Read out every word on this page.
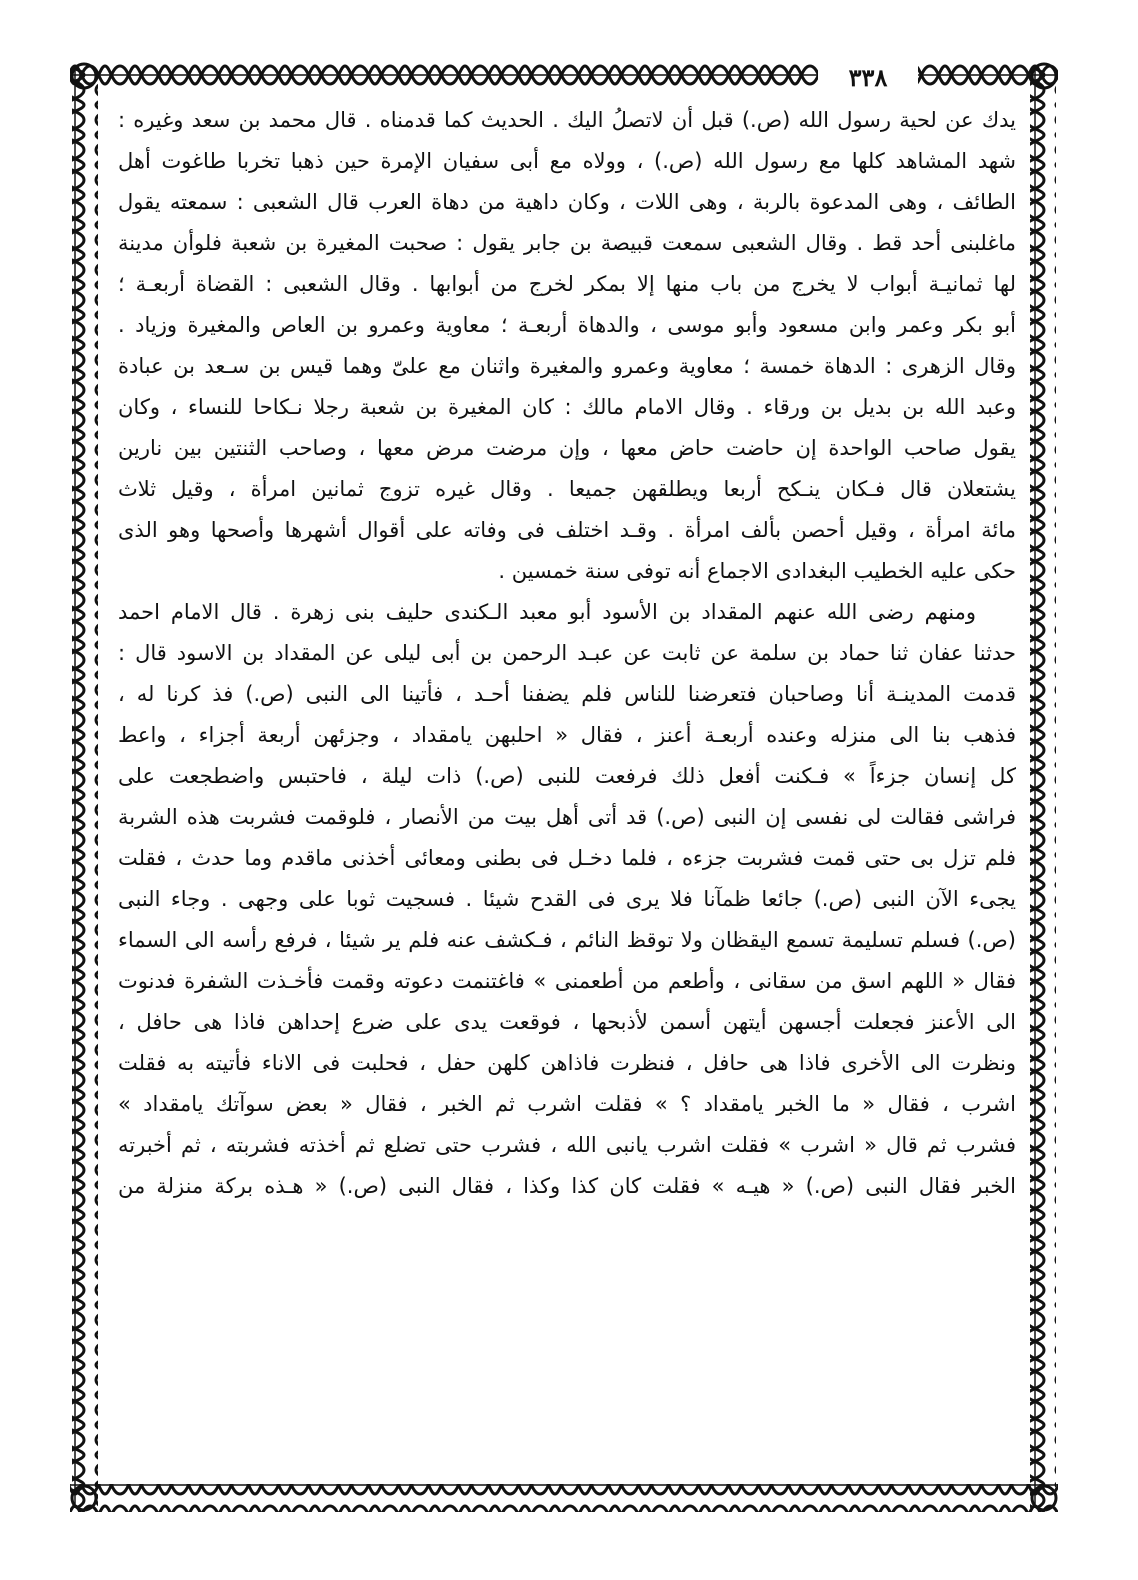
٣٣٨
يدك عن لحية رسول الله (ص.) قبل أن لاتصلُ اليك . الحديث كما قدمناه . قال محمد بن سعد وغيره :
شهد المشاهد كلها مع رسول الله (ص.) ، وولاه مع أبى سفيان الإمرة حين ذهبا تخربا طاغوت أهل
الطائف ، وهى المدعوة بالربة ، وهى اللات ، وكان داهية من دهاة العرب قال الشعبى : سمعته يقول
ماغلبنى أحد قط . وقال الشعبى سمعت قبيصة بن جابر يقول : صحبت المغيرة بن شعبة فلوأن مدينة
لها ثمانيـة أبواب لا يخرج من باب منها إلا بمكر لخرج من أبوابها . وقال الشعبى : القضاة أربعـة ؛
أبو بكر وعمر وابن مسعود وأبو موسى ، والدهاة أربعـة ؛ معاوية وعمرو بن العاص والمغيرة وزياد .
وقال الزهرى : الدهاة خمسة ؛ معاوية وعمرو والمغيرة واثنان مع علىّ وهما قيس بن سـعد بن عبادة
وعبد الله بن بديل بن ورقاء . وقال الامام مالك : كان المغيرة بن شعبة رجلا نـكاحا للنساء ، وكان
يقول صاحب الواحدة إن حاضت حاض معها ، وإن مرضت مرض معها ، وصاحب الثنتين بين نارين
يشتعلان قال فـكان ينـكح أربعا ويطلقهن جميعا . وقال غيره تزوج ثمانين امرأة ، وقيل ثلاث
مائة امرأة ، وقيل أحصن بألف امرأة . وقـد اختلف فى وفاته على أقوال أشهرها وأصحها وهو الذى
حكى عليه الخطيب البغدادى الاجماع أنه توفى سنة خمسين .
ومنهم رضى الله عنهم المقداد بن الأسود أبو معبد الـكندى حليف بنى زهرة . قال الامام احمد
حدثنا عفان ثنا حماد بن سلمة عن ثابت عن عبـد الرحمن بن أبى ليلى عن المقداد بن الاسود قال :
قدمت المدينـة أنا وصاحبان فتعرضنا للناس فلم يضفنا أحـد ، فأتينا الى النبى (ص.) فذ كرنا له ،
فذهب بنا الى منزله وعنده أربعـة أعنز ، فقال « احلبهن يامقداد ، وجزئهن أربعة أجزاء ، واعط
كل إنسان جزءاً » فـكنت أفعل ذلك فرفعت للنبى (ص.) ذات ليلة ، فاحتبس واضطجعت على
فراشى فقالت لى نفسى إن النبى (ص.) قد أتى أهل بيت من الأنصار ، فلوقمت فشربت هذه الشربة
فلم تزل بى حتى قمت فشربت جزءه ، فلما دخـل فى بطنى ومعائى أخذنى ماقدم وما حدث ، فقلت
يجىء الآن النبى (ص.) جائعا ظمآنا فلا يرى فى القدح شيئا . فسجيت ثوبا على وجهى . وجاء النبى
(ص.) فسلم تسليمة تسمع اليقظان ولا توقظ النائم ، فـكشف عنه فلم ير شيئا ، فرفع رأسه الى السماء
فقال « اللهم اسق من سقانى ، وأطعم من أطعمنى » فاغتنمت دعوته وقمت فأخـذت الشفرة فدنوت
الى الأعنز فجعلت أجسهن أيتهن أسمن لأذبحها ، فوقعت يدى على ضرع إحداهن فاذا هى حافل ،
ونظرت الى الأخرى فاذا هى حافل ، فنظرت فاذاهن كلهن حفل ، فحلبت فى الاناء فأتيته به فقلت
اشرب ، فقال « ما الخبر يامقداد ؟ » فقلت اشرب ثم الخبر ، فقال « بعض سوآتك يامقداد »
فشرب ثم قال « اشرب » فقلت اشرب يانبى الله ، فشرب حتى تضلع ثم أخذته فشربته ، ثم أخبرته
الخبر فقال النبى (ص.) « هيـه » فقلت كان كذا وكذا ، فقال النبى (ص.) « هـذه بركة منزلة من
